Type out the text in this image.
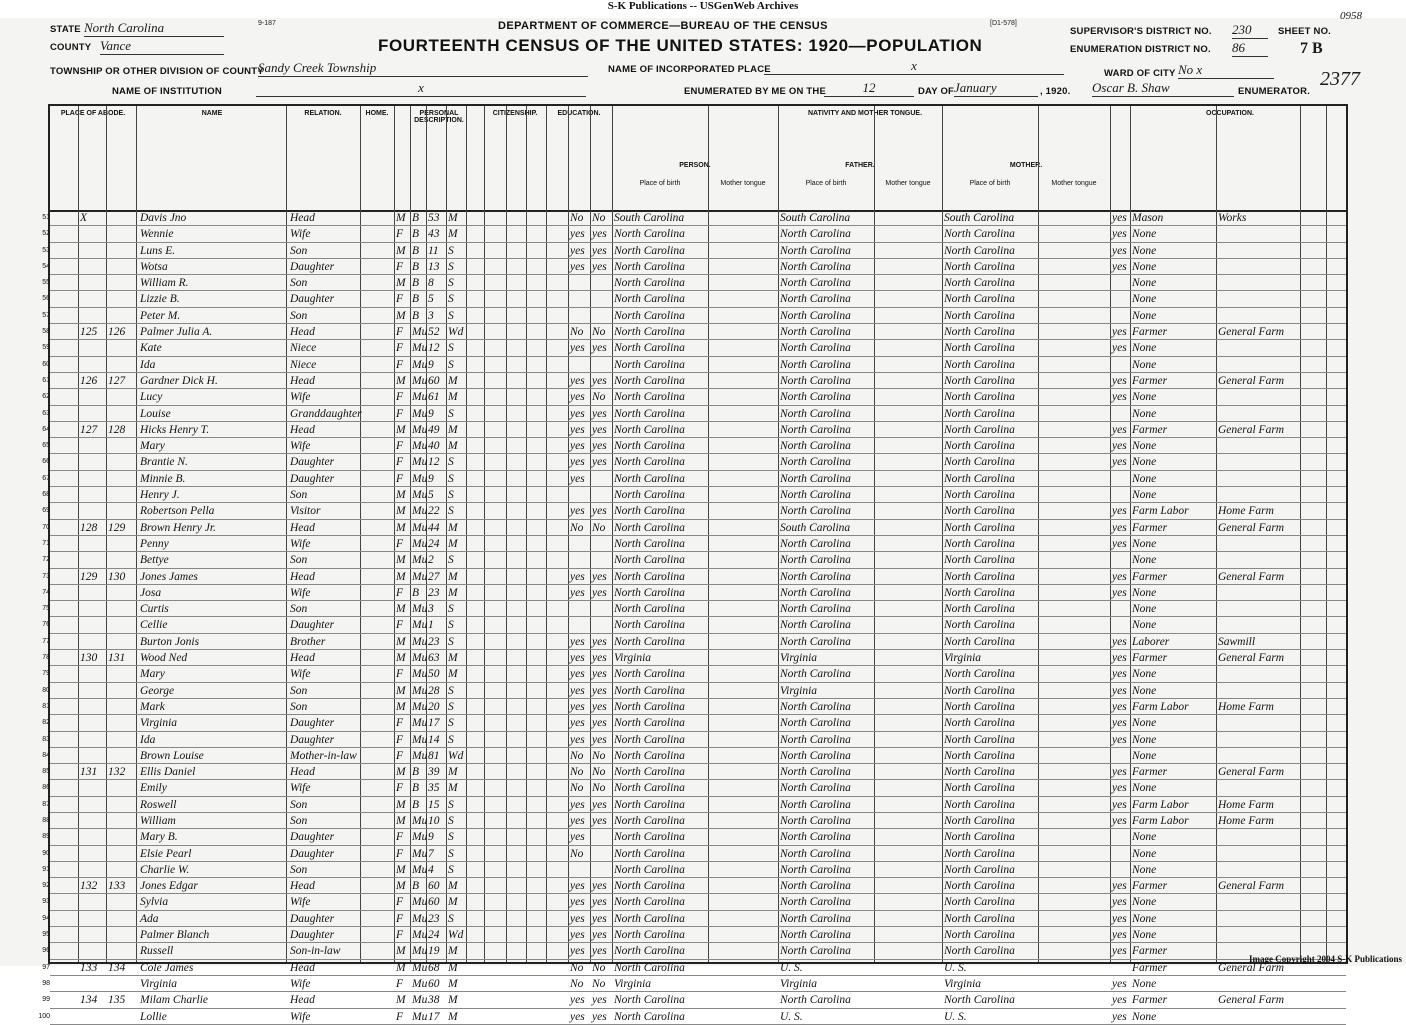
S-K Publications -- USGenWeb Archives
STATE North Carolina
COUNTY Vance
9-187	DEPARTMENT OF COMMERCE—BUREAU OF THE CENSUS	[D1-578]
FOURTEENTH CENSUS OF THE UNITED STATES: 1920—POPULATION
SUPERVISOR'S DISTRICT NO. 230
ENUMERATION DISTRICT NO. 86
SHEET NO.
7 B
0958
TOWNSHIP OR OTHER DIVISION OF COUNTY
Sandy Creek Township	NAME OF INCORPORATED PLACE	x
WARD OF CITY No x	2377
NAME OF INSTITUTION	x	ENUMERATED BY ME ON THE	12	DAY OF January	, 1920. Oscar B. Shaw	ENUMERATOR.
PLACE OF ABODE.	NAME	RELATION.	HOME.	PERSONAL DESCRIPTION.
CITIZENSHIP.	EDUCATION.	NATIVITY AND MOTHER TONGUE.
PERSON.	FATHER.	MOTHER.
OCCUPATION.
Place of birth	Mother tongue	Place of birth	Mother tongue	Place of birth	Mother tongue
51	X	Davis Jno	Head	M B 53 M	No No South Carolina	South Carolina	South Carolina	yes Mason	Works
52	Wennie	Wife	F B 43 M	yes yes North Carolina	North Carolina	North Carolina	yes None
53	Luns E.	Son	M B 11 S	yes yes North Carolina	North Carolina	North Carolina	yes None
54	Wotsa	Daughter	F B 13 S	yes yes North Carolina	North Carolina	North Carolina	yes None
55	William R.	Son	M B 8	S	North Carolina	North Carolina	North Carolina	None
56	Lizzie B.	Daughter	F B 5	S	North Carolina	North Carolina	North Carolina	None
57	Peter M.	Son	M B 3	S	North Carolina	North Carolina	North Carolina	None
58	125 126	Palmer Julia A.	Head	F Mu 52 Wd	No No North Carolina	North Carolina	North Carolina	yes Farmer	General Farm
59	Kate	Niece	F Mu 12 S	yes yes North Carolina	North Carolina	North Carolina	yes None
60	Ida	Niece	F Mu 9	S	North Carolina	North Carolina	North Carolina	None
61	126 127	Gardner Dick H.	Head	M Mu 60 M	yes yes North Carolina	North Carolina	North Carolina	yes Farmer	General Farm
62	Lucy	Wife	F Mu 61 M	yes No North Carolina	North Carolina	North Carolina	yes None
63	Louise	Granddaughter	F Mu 9	S	yes yes North Carolina	North Carolina	North Carolina	None
64	127 128	Hicks Henry T.	Head	M Mu 49 M	yes yes North Carolina	North Carolina	North Carolina	yes Farmer	General Farm
65	Mary	Wife	F Mu 40 M	yes yes North Carolina	North Carolina	North Carolina	yes None
66	Brantie N.	Daughter	F Mu 12 S	yes yes North Carolina	North Carolina	North Carolina	yes None
67	Minnie B.	Daughter	F Mu 9	S	yes	North Carolina	North Carolina	North Carolina	None
68	Henry J.	Son	M Mu 5	S	North Carolina	North Carolina	North Carolina	None
69	Robertson Pella	Visitor	M Mu 22 S	yes yes North Carolina	North Carolina	North Carolina	yes Farm Labor	Home Farm
70	128 129	Brown Henry Jr.	Head	M Mu 44 M	No No North Carolina	South Carolina	North Carolina	yes Farmer	General Farm
71	Penny	Wife	F Mu 24 M	North Carolina	North Carolina	North Carolina	yes None
72	Bettye	Son	M Mu 2	S	North Carolina	North Carolina	North Carolina	None
73	129 130	Jones James	Head	M Mu 27 M	yes yes North Carolina	North Carolina	North Carolina	yes Farmer	General Farm
74	Josa	Wife	F B 23 M	yes yes North Carolina	North Carolina	North Carolina	yes None
75	Curtis	Son	M Mu 3	S	North Carolina	North Carolina	North Carolina	None
76	Cellie	Daughter	F Mu 1	S	North Carolina	North Carolina	North Carolina	None
77	Burton Jonis	Brother	M Mu 23 S	yes yes North Carolina	North Carolina	North Carolina	yes Laborer	Sawmill
78	130 131	Wood Ned	Head	M Mu 63 M	yes yes Virginia	Virginia	Virginia	yes Farmer	General Farm
79	Mary	Wife	F Mu 50 M	yes yes North Carolina	North Carolina	North Carolina	yes None
80	George	Son	M Mu 28 S	yes yes North Carolina	Virginia	North Carolina	yes None
81	Mark	Son	M Mu 20 S	yes yes North Carolina	North Carolina	North Carolina	yes Farm Labor	Home Farm
82	Virginia	Daughter	F Mu 17 S	yes yes North Carolina	North Carolina	North Carolina	yes None
83	Ida	Daughter	F Mu 14 S	yes yes North Carolina	North Carolina	North Carolina	yes None
84	Brown Louise	Mother-in-law	F Mu 81 Wd	No No North Carolina	North Carolina	North Carolina	None
85	131 132	Ellis Daniel	Head	M B 39 M	No No North Carolina	North Carolina	North Carolina	yes Farmer	General Farm
86	Emily	Wife	F B 35 M	No No North Carolina	North Carolina	North Carolina	yes None
87	Roswell	Son	M B 15 S	yes yes North Carolina	North Carolina	North Carolina	yes Farm Labor	Home Farm
88	William	Son	M Mu 10 S	yes yes North Carolina	North Carolina	North Carolina	yes Farm Labor	Home Farm
89	Mary B.	Daughter	F Mu 9	S	yes	North Carolina	North Carolina	North Carolina	None
90	Elsie Pearl	Daughter	F Mu 7	S	No	North Carolina	North Carolina	North Carolina	None
91	Charlie W.	Son	M Mu 4	S	North Carolina	North Carolina	North Carolina	None
92	132 133	Jones Edgar	Head	M B 60 M	yes yes North Carolina	North Carolina	North Carolina	yes Farmer	General Farm
93	Sylvia	Wife	F Mu 60 M	yes yes North Carolina	North Carolina	North Carolina	yes None
94	Ada	Daughter	F Mu 23 S	yes yes North Carolina	North Carolina	North Carolina	yes None
95	Palmer Blanch	Daughter	F Mu 24 Wd	yes yes North Carolina	North Carolina	North Carolina	yes None
96	Russell	Son-in-law	M Mu 19 M	yes yes North Carolina	North Carolina	North Carolina	yes Farmer
97	133 134	Cole James	Head	M Mu 68 M	No No North Carolina	U. S.	U. S.	Farmer	General Farm
98	Virginia	Wife	F Mu 60 M	No No Virginia	Virginia	Virginia	yes None
99	134 135	Milam Charlie	Head	M Mu 38 M	yes yes North Carolina	North Carolina	North Carolina	yes Farmer	General Farm
100	Lollie	Wife	F Mu 17 M	yes yes North Carolina	U. S.	U. S.	yes None
Image Copyright 2004 S-K Publications
